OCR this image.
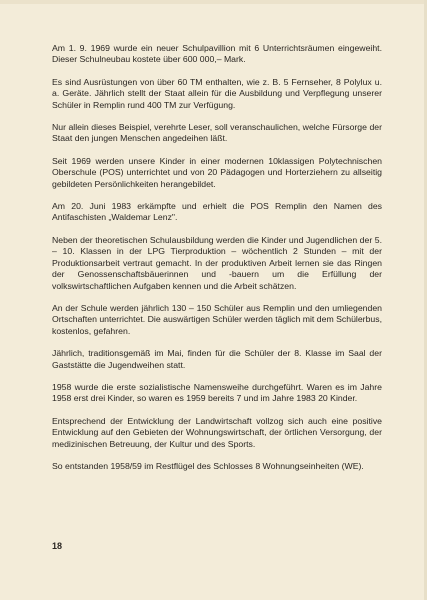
Am 1. 9. 1969 wurde ein neuer Schulpavillion mit 6 Unterrichtsräumen eingeweiht. Dieser Schulneubau kostete über 600 000,– Mark.

Es sind Ausrüstungen von über 60 TM enthalten, wie z. B. 5 Fernseher, 8 Polylux u. a. Geräte. Jährlich stellt der Staat allein für die Ausbildung und Verpflegung unserer Schüler in Remplin rund 400 TM zur Verfügung.

Nur allein dieses Beispiel, verehrte Leser, soll veranschaulichen, welche Fürsorge der Staat den jungen Menschen angedeihen läßt.

Seit 1969 werden unsere Kinder in einer modernen 10klassigen Polytechnischen Oberschule (POS) unterrichtet und von 20 Pädagogen und Horterziehern zu allseitig gebildeten Persönlichkeiten herangebildet.

Am 20. Juni 1983 erkämpfte und erhielt die POS Remplin den Namen des Antifaschisten „Waldemar Lenz".

Neben der theoretischen Schulausbildung werden die Kinder und Jugendlichen der 5. – 10. Klassen in der LPG Tierproduktion – wöchentlich 2 Stunden – mit der Produktionsarbeit vertraut gemacht. In der produktiven Arbeit lernen sie das Ringen der Genossenschaftsbäuerinnen und -bauern um die Erfüllung der volkswirtschaftlichen Aufgaben kennen und die Arbeit schätzen.

An der Schule werden jährlich 130 – 150 Schüler aus Remplin und den umliegenden Ortschaften unterrichtet. Die auswärtigen Schüler werden täglich mit dem Schülerbus, kostenlos, gefahren.

Jährlich, traditionsgemäß im Mai, finden für die Schüler der 8. Klasse im Saal der Gaststätte die Jugendweihen statt.

1958 wurde die erste sozialistische Namensweihe durchgeführt. Waren es im Jahre 1958 erst drei Kinder, so waren es 1959 bereits 7 und im Jahre 1983 20 Kinder.

Entsprechend der Entwicklung der Landwirtschaft vollzog sich auch eine positive Entwicklung auf den Gebieten der Wohnungswirtschaft, der örtlichen Versorgung, der medizinischen Betreuung, der Kultur und des Sports.

So entstanden 1958/59 im Restflügel des Schlosses 8 Wohnungseinheiten (WE).

18
